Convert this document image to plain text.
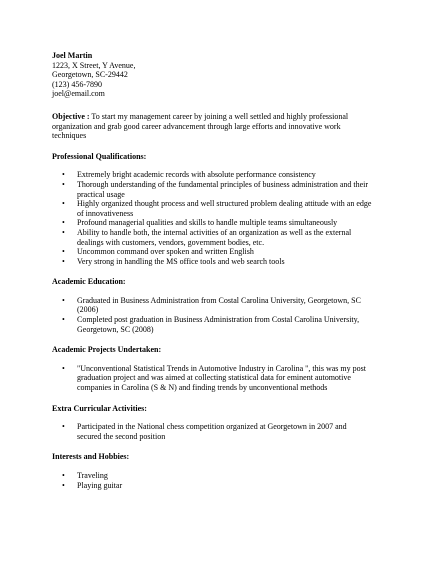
Joel Martin
1223, X Street, Y Avenue,
Georgetown, SC-29442
(123) 456-7890
joel@email.com
Objective : To start my management career by joining a well settled and highly professional organization and grab good career advancement through large efforts and innovative work techniques
Professional Qualifications:
• Extremely bright academic records with absolute performance consistency
• Thorough understanding of the fundamental principles of business administration and their practical usage
• Highly organized thought process and well structured problem dealing attitude with an edge of innovativeness
• Profound managerial qualities and skills to handle multiple teams simultaneously
• Ability to handle both, the internal activities of an organization as well as the external dealings with customers, vendors, government bodies, etc.
• Uncommon command over spoken and written English
• Very strong in handling the MS office tools and web search tools
Academic Education:
• Graduated in Business Administration from Costal Carolina University, Georgetown, SC (2006)
• Completed post graduation in Business Administration from Costal Carolina University, Georgetown, SC (2008)
Academic Projects Undertaken:
• "Unconventional Statistical Trends in Automotive Industry in Carolina ", this was my post graduation project and was aimed at collecting statistical data for eminent automotive companies in Carolina (S & N) and finding trends by unconventional methods
Extra Curricular Activities:
• Participated in the National chess competition organized at Georgetown in 2007 and secured the second position
Interests and Hobbies:
• Traveling
• Playing guitar
